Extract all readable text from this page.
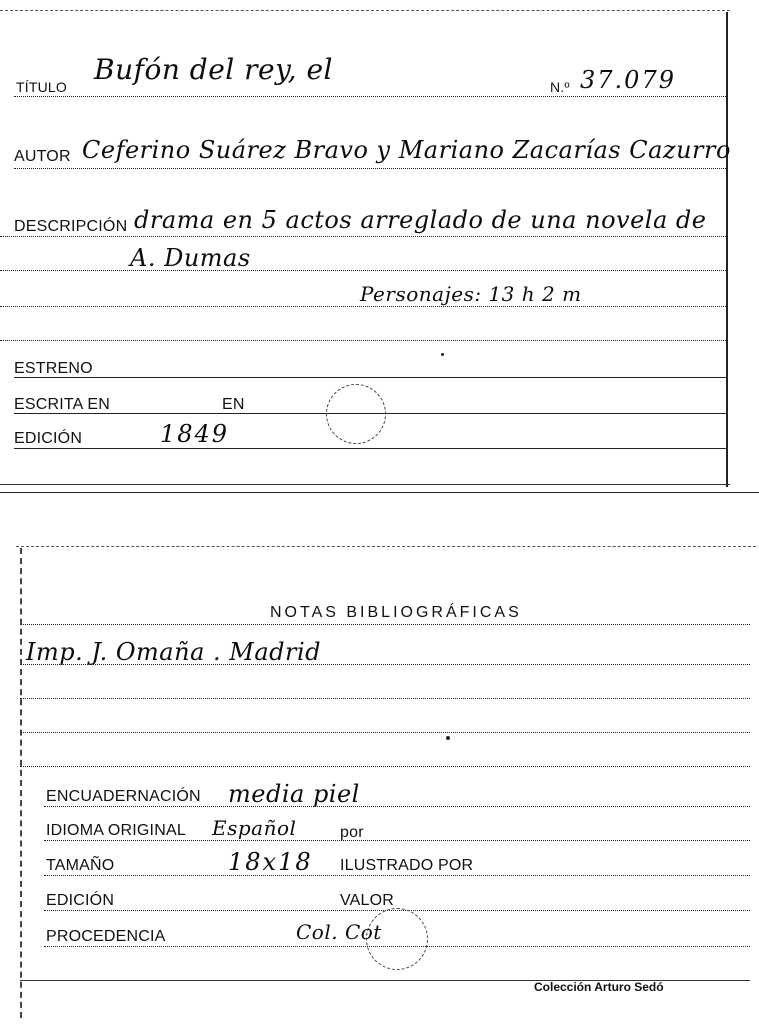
TÍTULO
Bufón del rey, el
N.º 37.079
AUTOR Ceferino Suárez Bravo y Mariano Zacarías Cazurro
DESCRIPCIÓN drama en 5 actos arreglado de una novela de
A. Dumas
Personajes: 13 h 2 m
ESTRENO
ESCRITA EN	EN
EDICIÓN	1849
NOTAS BIBLIOGRÁFICAS
Imp. J. Omaña . Madrid
ENCUADERNACIÓN media piel
IDIOMA ORIGINAL Español	por
TAMAÑO	18x18 ILUSTRADO POR
EDICIÓN	VALOR
PROCEDENCIA	Col. Cot
Colección Arturo Sedó
